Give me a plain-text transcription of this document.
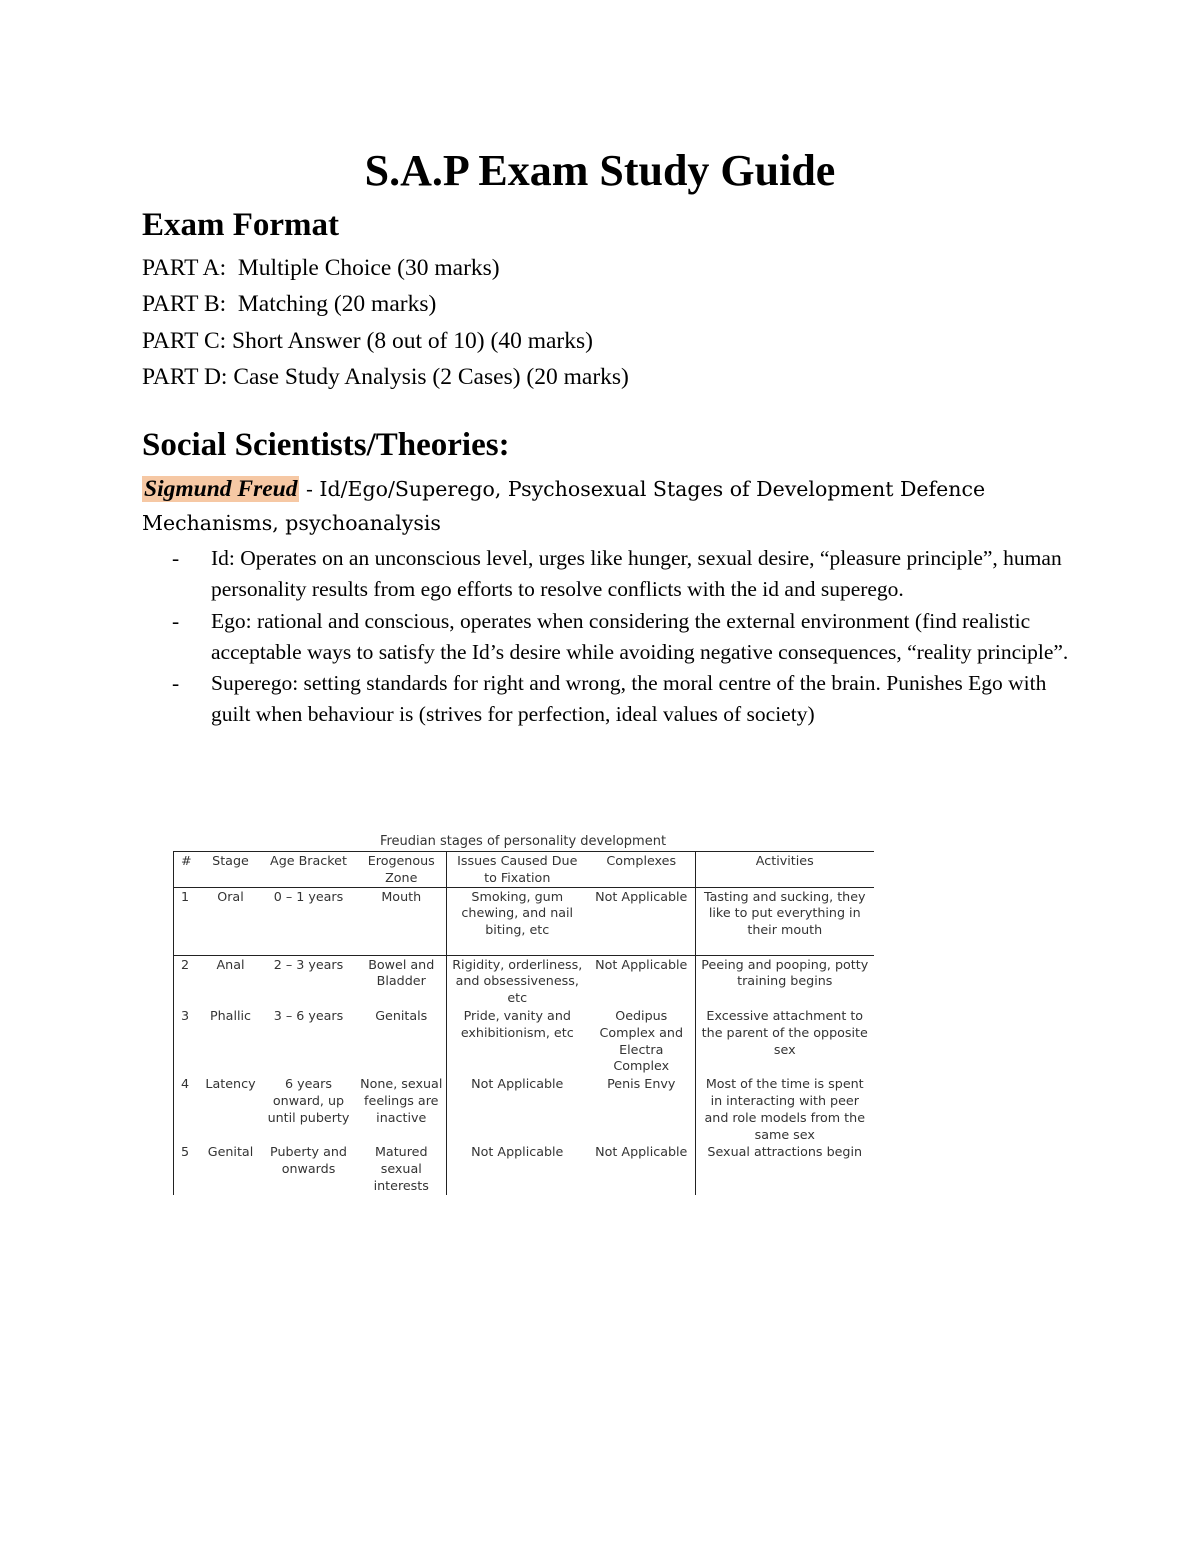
S.A.P Exam Study Guide
Exam Format
PART A:  Multiple Choice (30 marks)
PART B:  Matching (20 marks)
PART C: Short Answer (8 out of 10) (40 marks)
PART D: Case Study Analysis (2 Cases) (20 marks)
Social Scientists/Theories:
Sigmund Freud - Id/Ego/Superego, Psychosexual Stages of Development Defence Mechanisms, psychoanalysis
- Id: Operates on an unconscious level, urges like hunger, sexual desire, “pleasure principle”, human personality results from ego efforts to resolve conflicts with the id and superego.
- Ego: rational and conscious, operates when considering the external environment (find realistic acceptable ways to satisfy the Id’s desire while avoiding negative consequences, “reality principle”.
- Superego: setting standards for right and wrong, the moral centre of the brain. Punishes Ego with guilt when behaviour is (strives for perfection, ideal values of society)
Freudian stages of personality development
#	Stage	Age Bracket	Erogenous Zone	Issues Caused Due to Fixation	Complexes	Activities
1	Oral	0 – 1 years	Mouth	Smoking, gum chewing, and nail biting, etc	Not Applicable	Tasting and sucking, they like to put everything in their mouth
2	Anal	2 – 3 years	Bowel and Bladder	Rigidity, orderliness, and obsessiveness, etc	Not Applicable	Peeing and pooping, potty training begins
3	Phallic	3 – 6 years	Genitals	Pride, vanity and exhibitionism, etc	Oedipus Complex and Electra Complex	Excessive attachment to the parent of the opposite sex
4	Latency	6 years onward, up until puberty	None, sexual feelings are inactive	Not Applicable	Penis Envy	Most of the time is spent in interacting with peer and role models from the same sex
5	Genital	Puberty and onwards	Matured sexual interests	Not Applicable	Not Applicable	Sexual attractions begin
